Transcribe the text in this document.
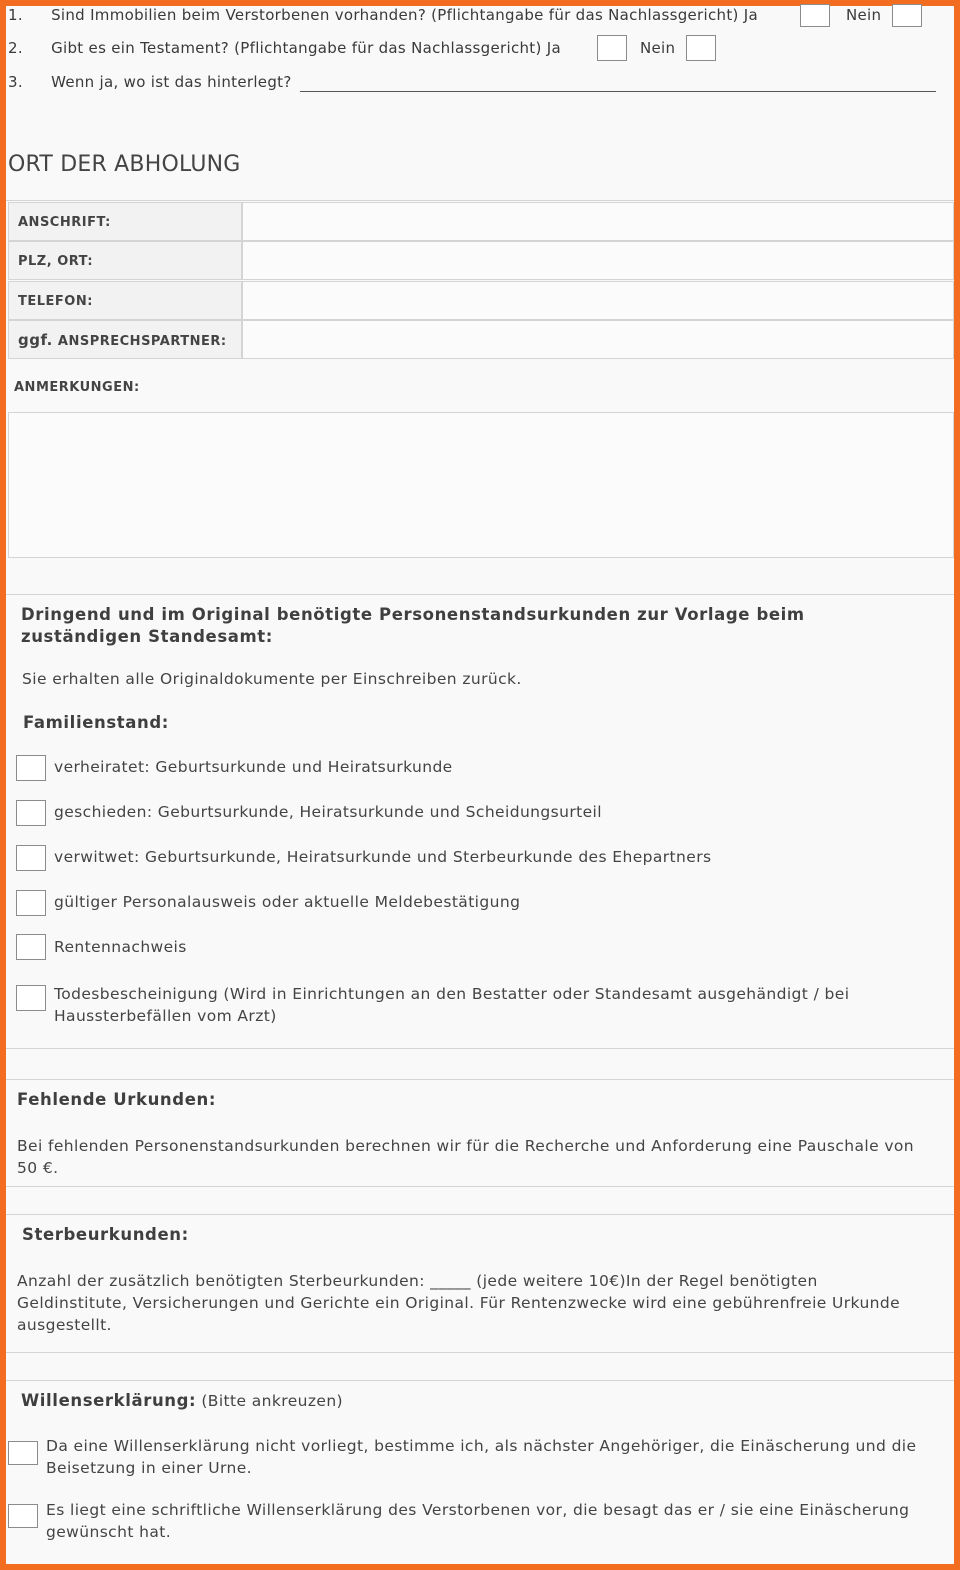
1. Sind Immobilien beim Verstorbenen vorhanden? (Pflichtangabe für das Nachlassgericht) Ja	Nein
2. Gibt es ein Testament? (Pflichtangabe für das Nachlassgericht) Ja	Nein
3. Wenn ja, wo ist das hinterlegt?
ORT DER ABHOLUNG
ANSCHRIFT:
PLZ, ORT:
TELEFON:
ggf. ANSPRECHSPARTNER:
ANMERKUNGEN:
Dringend und im Original benötigte Personenstandsurkunden zur Vorlage beim zuständigen Standesamt:
Sie erhalten alle Originaldokumente per Einschreiben zurück.
Familienstand:
verheiratet: Geburtsurkunde und Heiratsurkunde
geschieden: Geburtsurkunde, Heiratsurkunde und Scheidungsurteil
verwitwet: Geburtsurkunde, Heiratsurkunde und Sterbeurkunde des Ehepartners
gültiger Personalausweis oder aktuelle Meldebestätigung
Rentennachweis
Todesbescheinigung (Wird in Einrichtungen an den Bestatter oder Standesamt ausgehändigt / bei Haussterbefällen vom Arzt)
Fehlende Urkunden:
Bei fehlenden Personenstandsurkunden berechnen wir für die Recherche und Anforderung eine Pauschale von 50 €.
Sterbeurkunden:
Anzahl der zusätzlich benötigten Sterbeurkunden: _____ (jede weitere 10€)In der Regel benötigten Geldinstitute, Versicherungen und Gerichte ein Original. Für Rentenzwecke wird eine gebührenfreie Urkunde ausgestellt.
Willenserklärung: (Bitte ankreuzen)
Da eine Willenserklärung nicht vorliegt, bestimme ich, als nächster Angehöriger, die Einäscherung und die Beisetzung in einer Urne.
Es liegt eine schriftliche Willenserklärung des Verstorbenen vor, die besagt das er / sie eine Einäscherung gewünscht hat.
